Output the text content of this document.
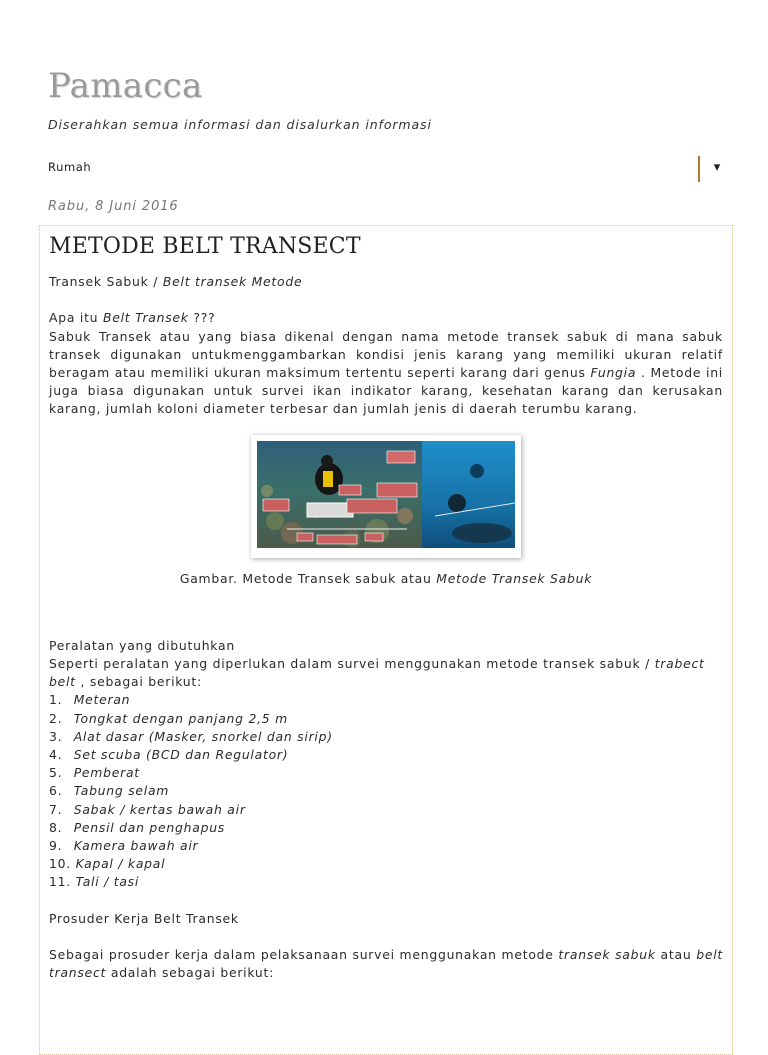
Pamacca
Diserahkan semua informasi dan disalurkan informasi
Rumah	▾
Rabu, 8 Juni 2016
METODE BELT TRANSECT

Transek Sabuk / Belt transek Metode

Apa itu Belt Transek ???

Sabuk Transek atau yang biasa dikenal dengan nama metode transek sabuk di mana sabuk transek digunakan untukmenggambarkan kondisi jenis karang yang memiliki ukuran relatif beragam atau memiliki ukuran maksimum tertentu seperti karang dari genus Fungia . Metode ini juga biasa digunakan untuk survei ikan indikator karang, kesehatan karang dan kerusakan karang, jumlah koloni diameter terbesar dan jumlah jenis di daerah terumbu karang.

Gambar. Metode Transek sabuk atau Metode Transek Sabuk

Peralatan yang dibutuhkan

Seperti peralatan yang diperlukan dalam survei menggunakan metode transek sabuk / trabect belt , sebagai berikut:

1. Meteran
2. Tongkat dengan panjang 2,5 m
3. Alat dasar (Masker, snorkel dan sirip)
4. Set scuba (BCD dan Regulator)
5. Pemberat
6. Tabung selam
7. Sabak / kertas bawah air
8. Pensil dan penghapus
9. Kamera bawah air
10. Kapal / kapal
11. Tali / tasi

Prosuder Kerja Belt Transek

Sebagai prosuder kerja dalam pelaksanaan survei menggunakan metode transek sabuk atau belt transect adalah sebagai berikut:
